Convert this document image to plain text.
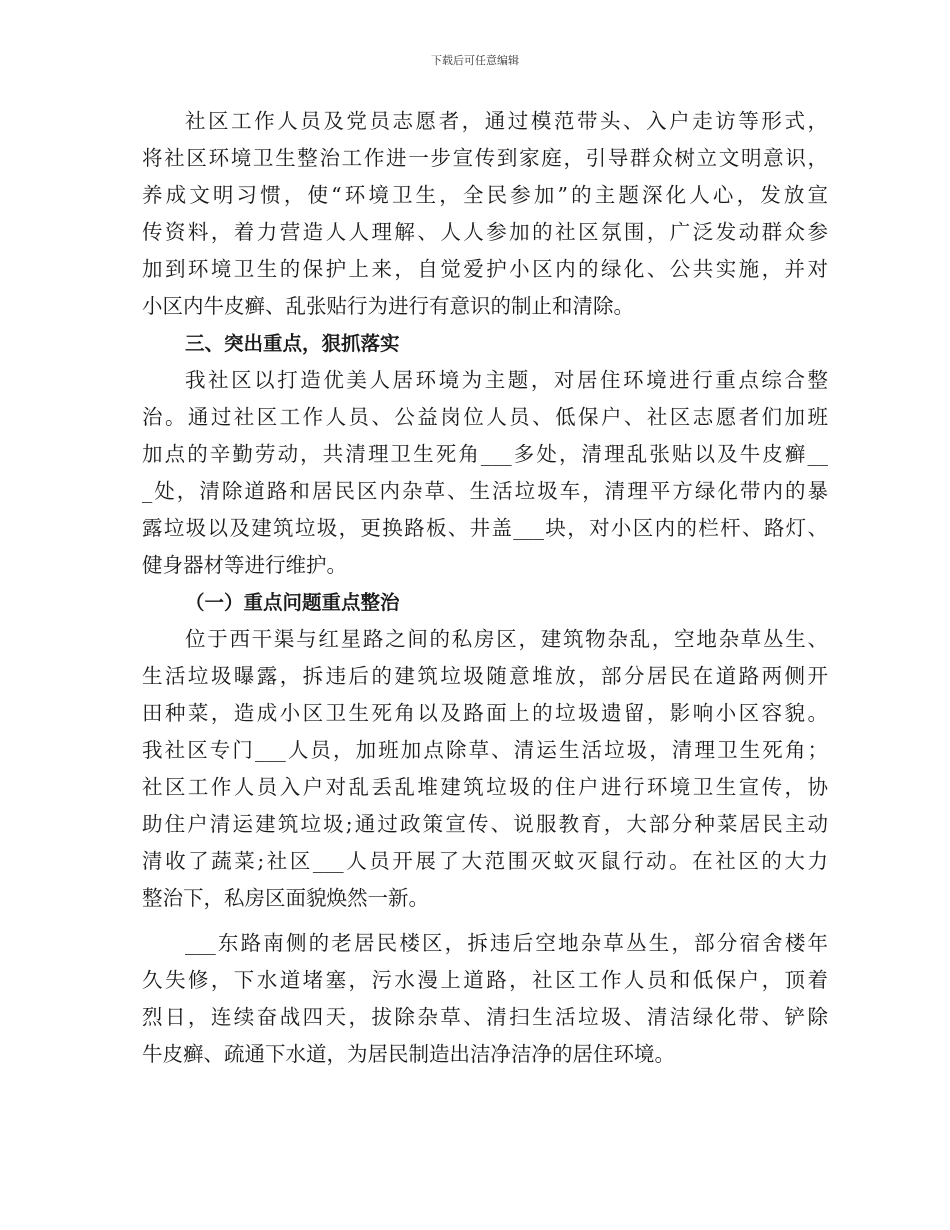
下载后可任意编辑
社区工作人员及党员志愿者，通过模范带头、入户走访等形式，
将社区环境卫生整治工作进一步宣传到家庭，引导群众树立文明意识，
养成文明习惯，使“环境卫生，全民参加”的主题深化人心，发放宣
传资料，着力营造人人理解、人人参加的社区氛围，广泛发动群众参
加到环境卫生的保护上来，自觉爱护小区内的绿化、公共实施，并对
小区内牛皮癣、乱张贴行为进行有意识的制止和清除。
三、突出重点，狠抓落实
我社区以打造优美人居环境为主题，对居住环境进行重点综合整
治。通过社区工作人员、公益岗位人员、低保户、社区志愿者们加班
加点的辛勤劳动，共清理卫生死角___多处，清理乱张贴以及牛皮癣__
_处，清除道路和居民区内杂草、生活垃圾车，清理平方绿化带内的暴
露垃圾以及建筑垃圾，更换路板、井盖___块，对小区内的栏杆、路灯、
健身器材等进行维护。
（一）重点问题重点整治
位于西干渠与红星路之间的私房区，建筑物杂乱，空地杂草丛生、
生活垃圾曝露，拆违后的建筑垃圾随意堆放，部分居民在道路两侧开
田种菜，造成小区卫生死角以及路面上的垃圾遗留，影响小区容貌。
我社区专门___人员，加班加点除草、清运生活垃圾，清理卫生死角；
社区工作人员入户对乱丢乱堆建筑垃圾的住户进行环境卫生宣传，协
助住户清运建筑垃圾;通过政策宣传、说服教育，大部分种菜居民主动
清收了蔬菜;社区___人员开展了大范围灭蚊灭鼠行动。在社区的大力
整治下，私房区面貌焕然一新。
___东路南侧的老居民楼区，拆违后空地杂草丛生，部分宿舍楼年
久失修，下水道堵塞，污水漫上道路，社区工作人员和低保户，顶着
烈日，连续奋战四天，拔除杂草、清扫生活垃圾、清洁绿化带、铲除
牛皮癣、疏通下水道，为居民制造出洁净洁净的居住环境。
